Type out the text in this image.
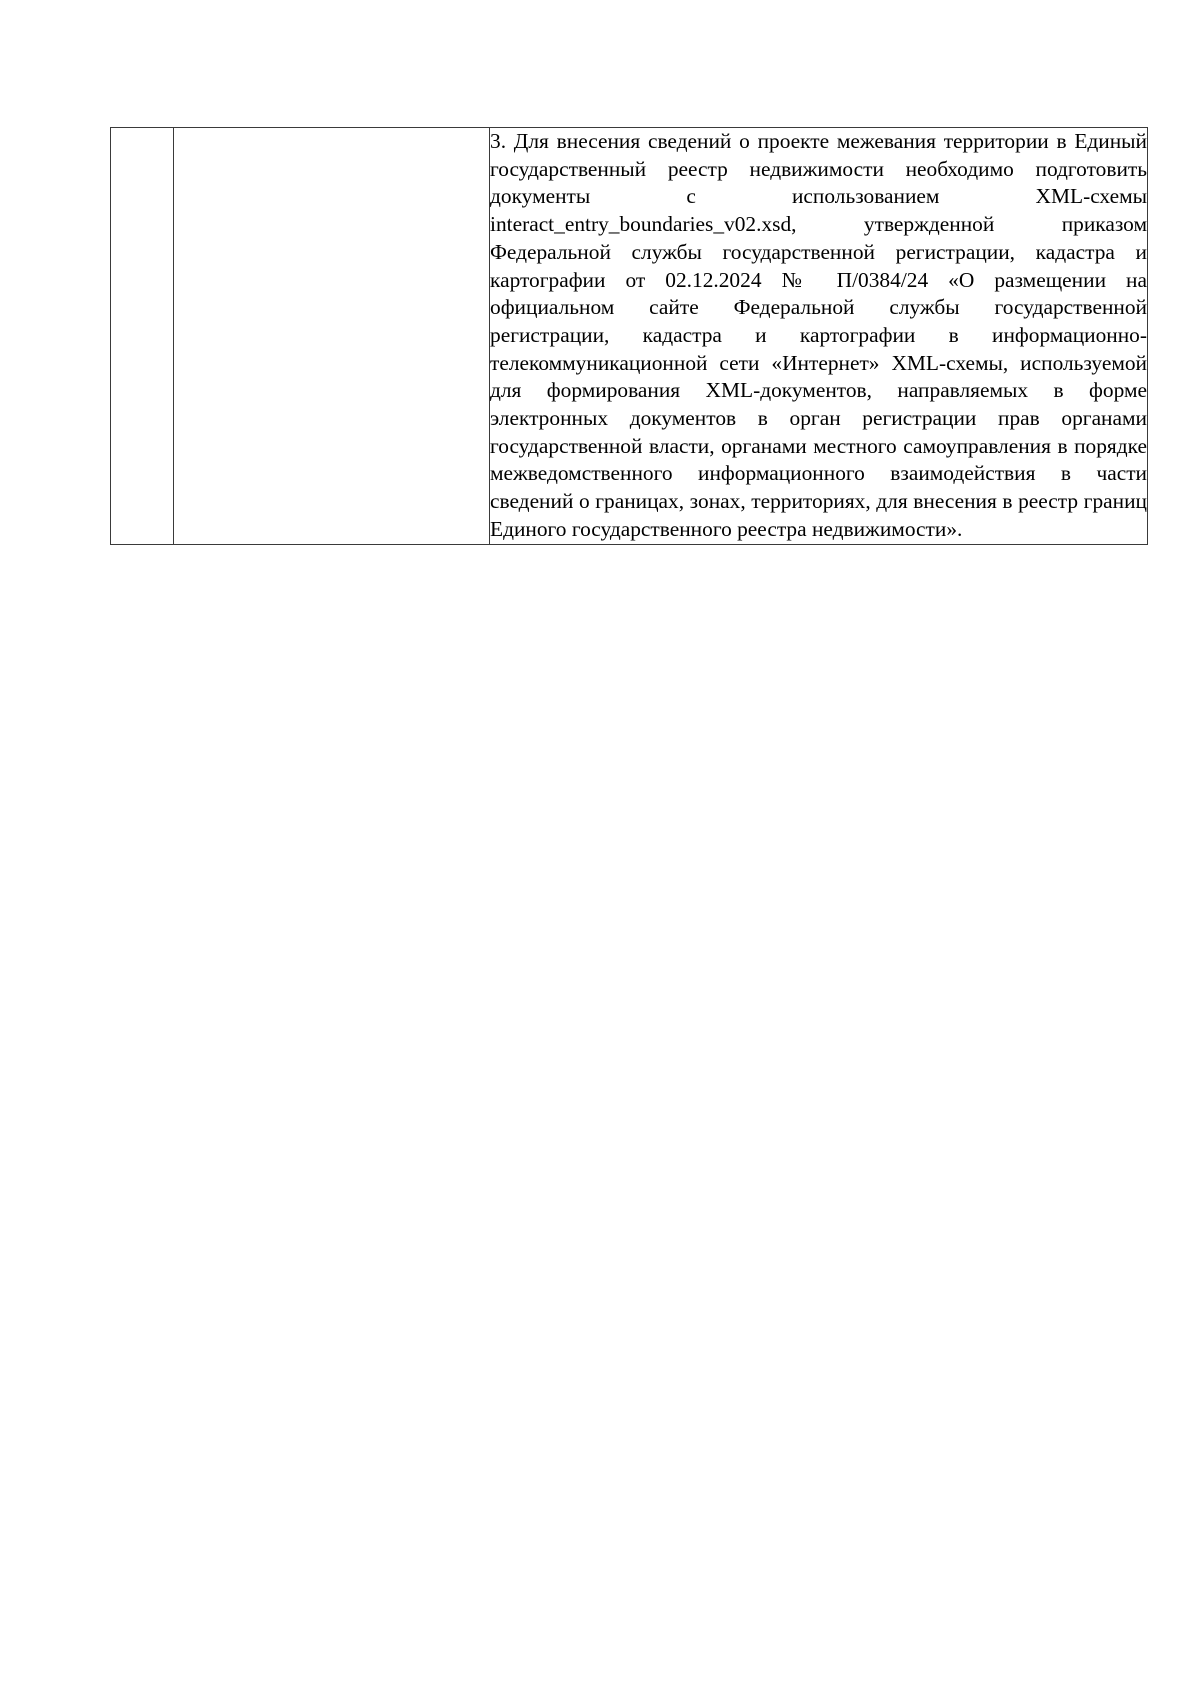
3. Для внесения сведений о проекте межевания территории в Единый государственный реестр недвижимости необходимо подготовить документы с использованием XML-схемы interact_entry_boundaries_v02.xsd, утвержденной приказом Федеральной службы государственной регистрации, кадастра и картографии от 02.12.2024 № П/0384/24 «О размещении на официальном сайте Федеральной службы государственной регистрации, кадастра и картографии в информационно-телекоммуникационной сети «Интернет» XML-схемы, используемой для формирования XML-документов, направляемых в форме электронных документов в орган регистрации прав органами государственной власти, органами местного самоуправления в порядке межведомственного информационного взаимодействия в части сведений о границах, зонах, территориях, для внесения в реестр границ Единого государственного реестра недвижимости».
